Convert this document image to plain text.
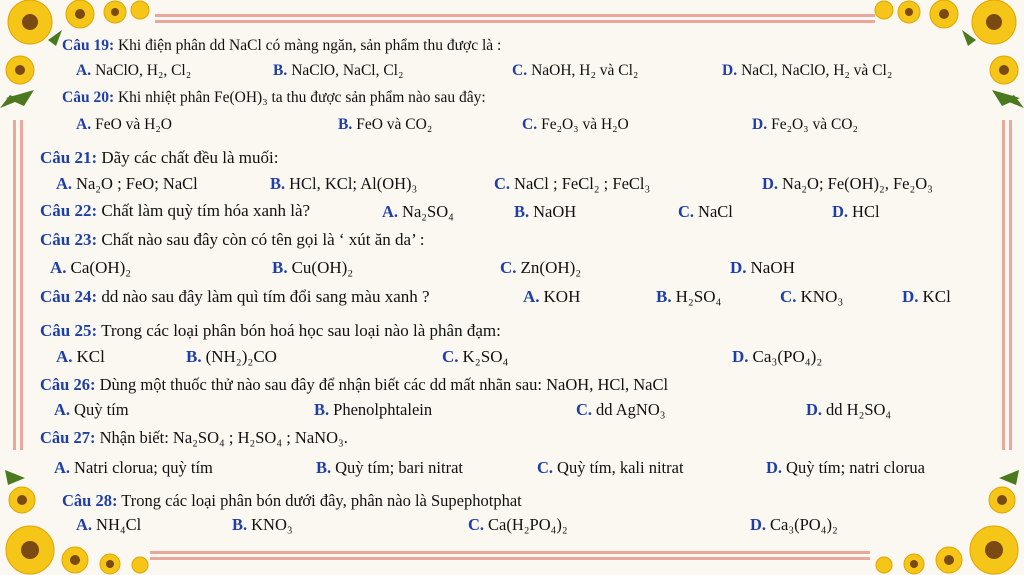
Câu 19: Khi điện phân dd NaCl có màng ngăn, sản phẩm thu được là :
A. NaClO, H₂, Cl₂	B. NaClO, NaCl, Cl₂	C. NaOH, H₂ và Cl₂	D. NaCl, NaClO, H₂ và Cl₂
Câu 20: Khi nhiệt phân Fe(OH)₃ ta thu được sản phẩm nào sau đây:
A. FeO và H₂O	B. FeO và CO₂	C. Fe₂O₃ và H₂O	D. Fe₂O₃ và CO₂
Câu 21: Dãy các chất đều là muối:
A. Na₂O ; FeO; NaCl	B. HCl, KCl; Al(OH)₃	C. NaCl ; FeCl₂ ; FeCl₃	D. Na₂O; Fe(OH)₂, Fe₂O₃
Câu 22: Chất làm quỳ tím hóa xanh là?	A. Na₂SO₄	B. NaOH	C. NaCl	D. HCl
Câu 23: Chất nào sau đây còn có tên gọi là ‘ xút ăn da’ :
A. Ca(OH)₂	B. Cu(OH)₂	C. Zn(OH)₂	D. NaOH
Câu 24: dd nào sau đây làm quì tím đổi sang màu xanh ?	A. KOH	B. H₂SO₄	C. KNO₃	D. KCl
Câu 25: Trong các loại phân bón hoá học sau loại nào là phân đạm:
A. KCl	B. (NH₂)₂CO	C. K₂SO₄	D. Ca₃(PO₄)₂
Câu 26: Dùng một thuốc thử nào sau đây để nhận biết các dd mất nhãn sau: NaOH, HCl, NaCl
A. Quỳ tím	B. Phenolphtalein	C. dd AgNO₃	D. dd H₂SO₄
Câu 27: Nhận biết: Na₂SO₄ ; H₂SO₄ ; NaNO₃.
A. Natri clorua; quỳ tím	B. Quỳ tím; bari nitrat	C. Quỳ tím, kali nitrat	D. Quỳ tím; natri clorua
Câu 28: Trong các loại phân bón dưới đây, phân nào là Supephotphat
A. NH₄Cl	B. KNO₃	C. Ca(H₂PO₄)₂	D. Ca₃(PO₄)₂
